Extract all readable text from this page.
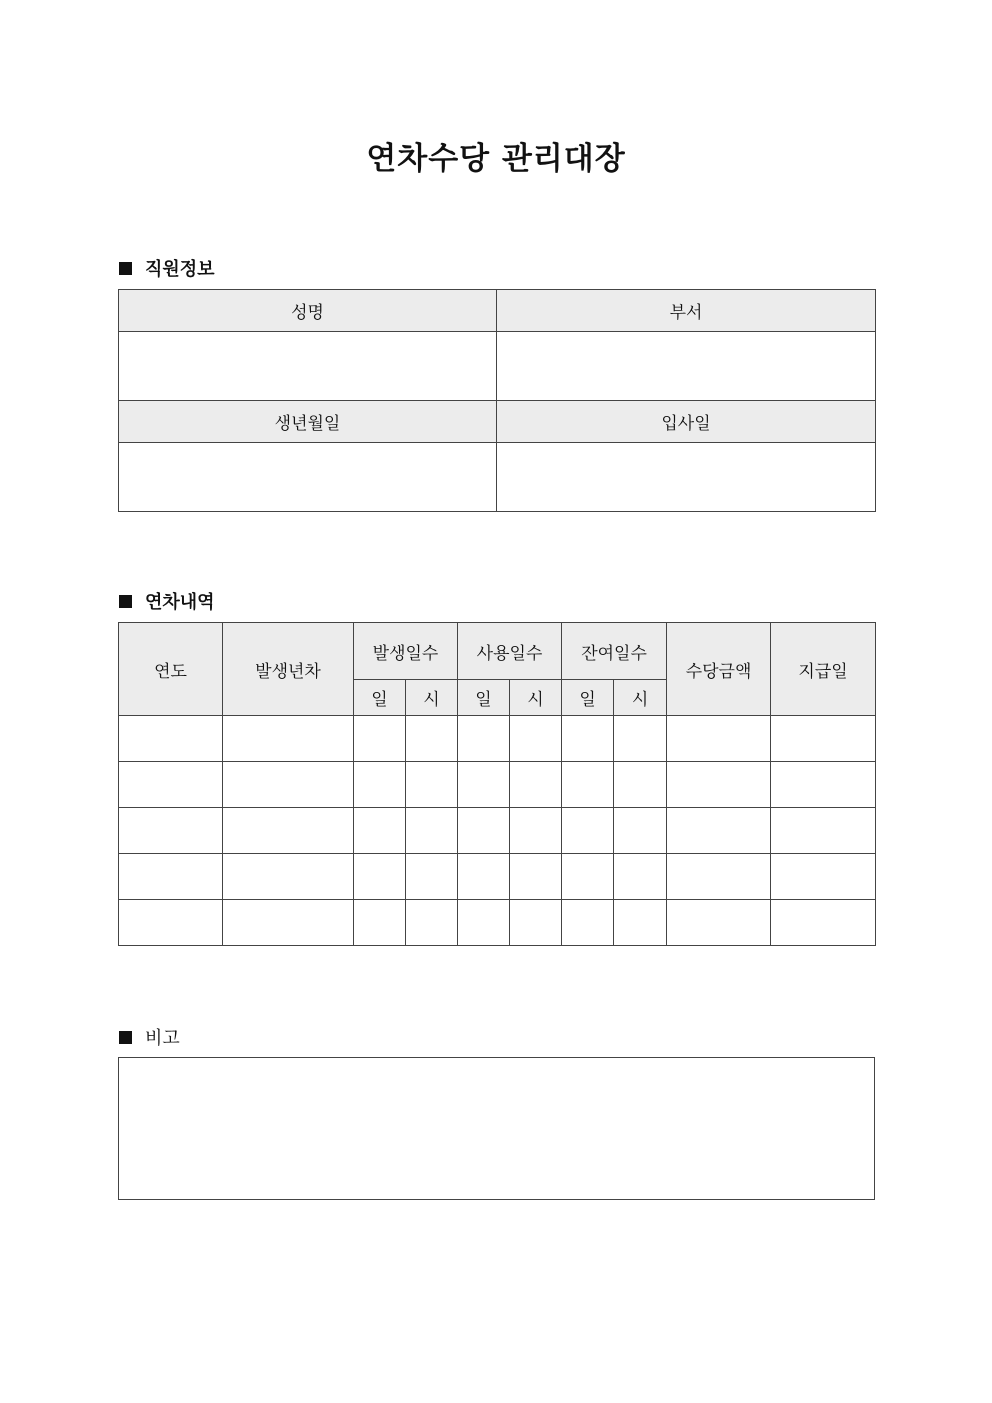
연차수당 관리대장
직원정보
성명	부서

생년월일	입사일

연차내역
연도	발생년차	발생일수		사용일수		잔여일수		수당금액	지급일
		일	시	일	시	일	시		

비고
